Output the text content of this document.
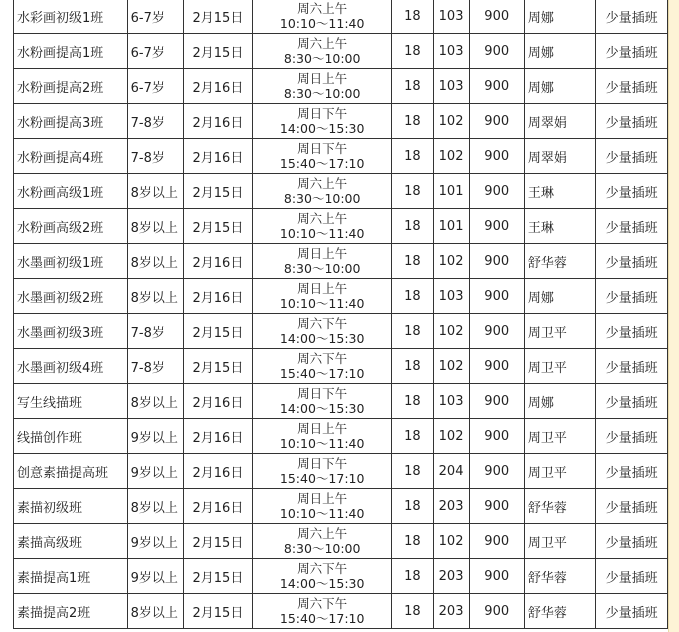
水彩画初级1班	6-7岁	2月15日	周六上午
10:10～11:40	18	103	900	周娜	少量插班
水粉画提高1班	6-7岁	2月15日	周六上午
8:30～10:00	18	103	900	周娜	少量插班
水粉画提高2班	6-7岁	2月16日	周日上午
8:30～10:00	18	103	900	周娜	少量插班
水粉画提高3班	7-8岁	2月16日	周日下午
14:00～15:30	18	102	900	周翠娟	少量插班
水粉画提高4班	7-8岁	2月16日	周日下午
15:40～17:10	18	102	900	周翠娟	少量插班
水粉画高级1班	8岁以上	2月15日	周六上午
8:30～10:00	18	101	900	王琳	少量插班
水粉画高级2班	8岁以上	2月15日	周六上午
10:10～11:40	18	101	900	王琳	少量插班
水墨画初级1班	8岁以上	2月16日	周日上午
8:30～10:00	18	102	900	舒华蓉	少量插班
水墨画初级2班	8岁以上	2月16日	周日上午
10:10～11:40	18	103	900	周娜	少量插班
水墨画初级3班	7-8岁	2月15日	周六下午
14:00～15:30	18	102	900	周卫平	少量插班
水墨画初级4班	7-8岁	2月15日	周六下午
15:40～17:10	18	102	900	周卫平	少量插班
写生线描班	8岁以上	2月16日	周日下午
14:00～15:30	18	103	900	周娜	少量插班
线描创作班	9岁以上	2月16日	周日上午
10:10～11:40	18	102	900	周卫平	少量插班
创意素描提高班	9岁以上	2月16日	周日下午
15:40～17:10	18	204	900	周卫平	少量插班
素描初级班	8岁以上	2月16日	周日上午
10:10～11:40	18	203	900	舒华蓉	少量插班
素描高级班	9岁以上	2月15日	周六上午
8:30～10:00	18	102	900	周卫平	少量插班
素描提高1班	9岁以上	2月15日	周六下午
14:00～15:30	18	203	900	舒华蓉	少量插班
素描提高2班	8岁以上	2月15日	周六下午
15:40～17:10	18	203	900	舒华蓉	少量插班
